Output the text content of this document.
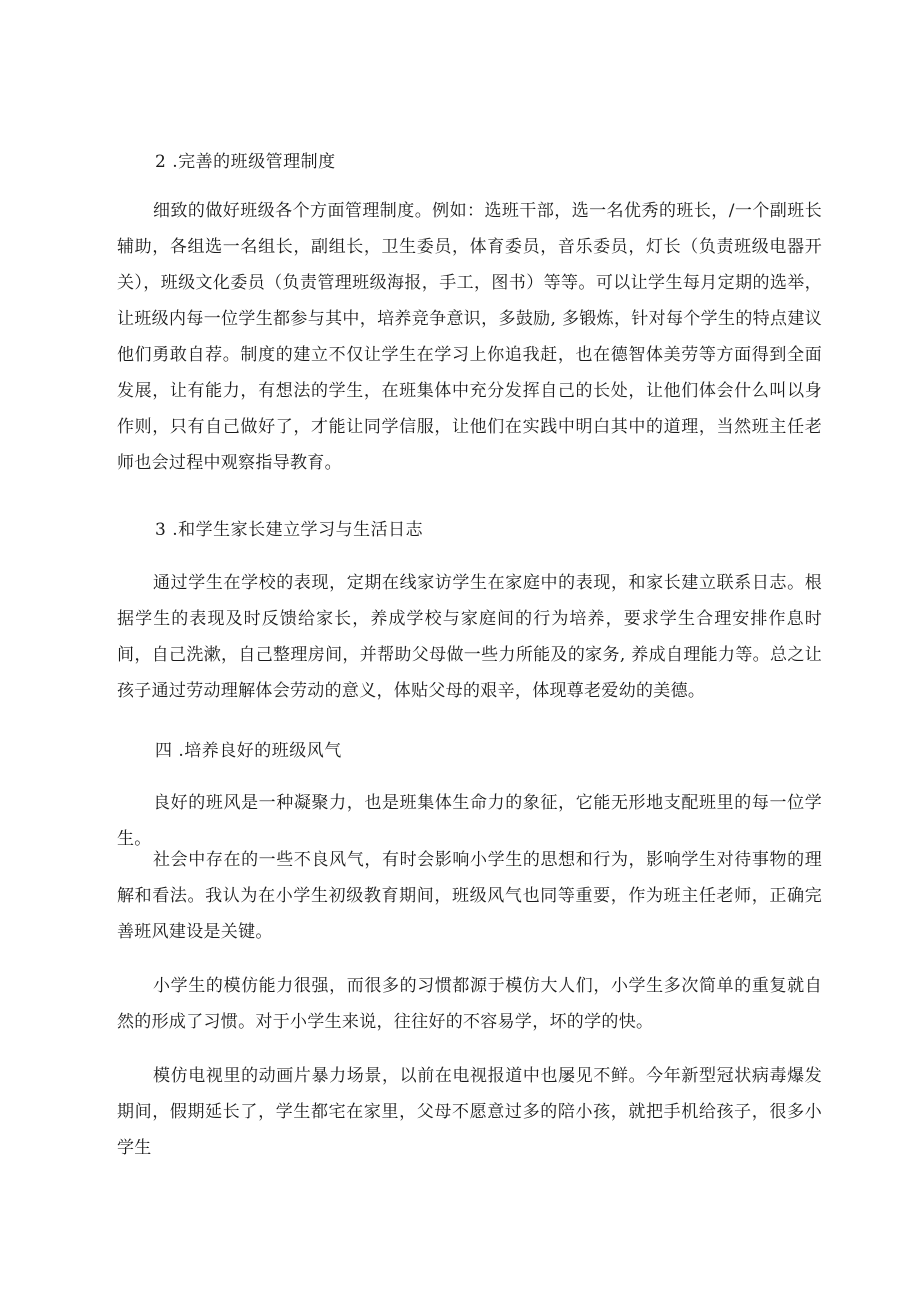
2 .完善的班级管理制度

细致的做好班级各个方面管理制度。例如：选班干部，选一名优秀的班长，/一个副班长辅助，各组选一名组长，副组长，卫生委员，体育委员，音乐委员，灯长（负责班级电器开关），班级文化委员（负责管理班级海报，手工，图书）等等。可以让学生每月定期的选举，让班级内每一位学生都参与其中，培养竞争意识，多鼓励, 多锻炼，针对每个学生的特点建议他们勇敢自荐。制度的建立不仅让学生在学习上你追我赶，也在德智体美劳等方面得到全面发展，让有能力，有想法的学生，在班集体中充分发挥自己的长处，让他们体会什么叫以身作则，只有自己做好了，才能让同学信服，让他们在实践中明白其中的道理，当然班主任老师也会过程中观察指导教育。

3 .和学生家长建立学习与生活日志

通过学生在学校的表现，定期在线家访学生在家庭中的表现，和家长建立联系日志。根据学生的表现及时反馈给家长，养成学校与家庭间的行为培养，要求学生合理安排作息时间，自己洗漱，自己整理房间，并帮助父母做一些力所能及的家务, 养成自理能力等。总之让孩子通过劳动理解体会劳动的意义，体贴父母的艰辛，体现尊老爱幼的美德。

四 .培养良好的班级风气

良好的班风是一种凝聚力，也是班集体生命力的象征，它能无形地支配班里的每一位学生。

社会中存在的一些不良风气，有时会影响小学生的思想和行为，影响学生对待事物的理解和看法。我认为在小学生初级教育期间，班级风气也同等重要，作为班主任老师，正确完善班风建设是关键。

小学生的模仿能力很强，而很多的习惯都源于模仿大人们，小学生多次简单的重复就自然的形成了习惯。对于小学生来说，往往好的不容易学，坏的学的快。

模仿电视里的动画片暴力场景，以前在电视报道中也屡见不鲜。今年新型冠状病毒爆发期间，假期延长了，学生都宅在家里，父母不愿意过多的陪小孩，就把手机给孩子，很多小学生
